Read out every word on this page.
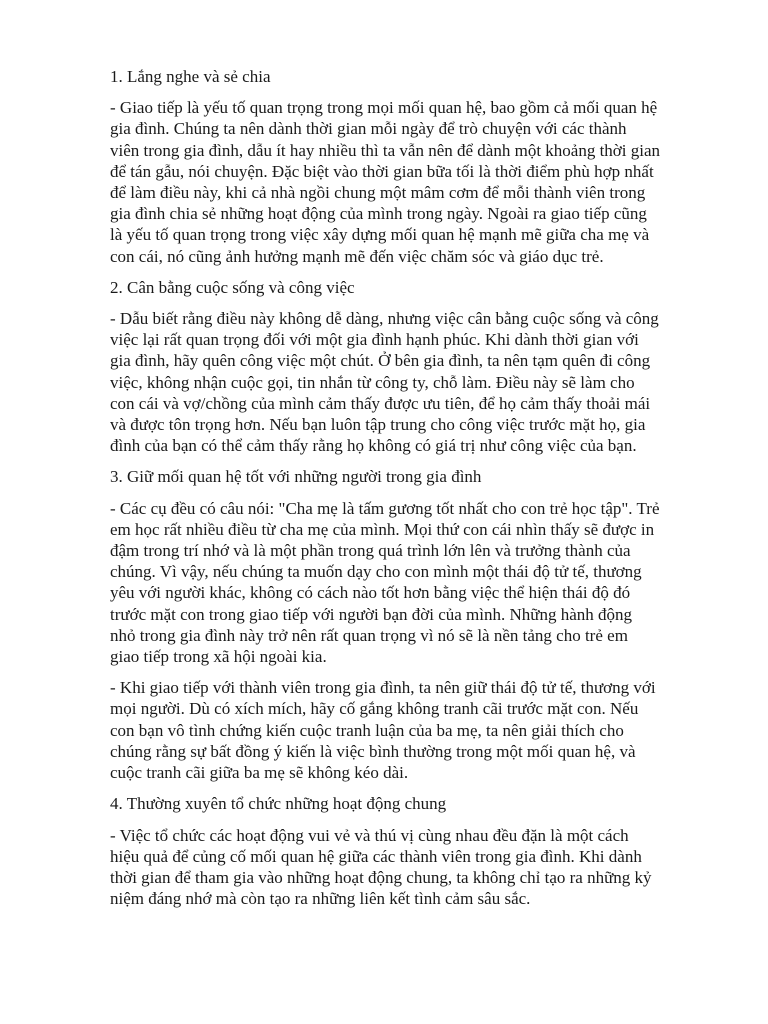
1. Lắng nghe và sẻ chia

- Giao tiếp là yếu tố quan trọng trong mọi mối quan hệ, bao gồm cả mối quan hệ
gia đình. Chúng ta nên dành thời gian mỗi ngày để trò chuyện với các thành
viên trong gia đình, dẫu ít hay nhiều thì ta vẫn nên để dành một khoảng thời gian
để tán gẫu, nói chuyện. Đặc biệt vào thời gian bữa tối là thời điểm phù hợp nhất
để làm điều này, khi cả nhà ngồi chung một mâm cơm để mỗi thành viên trong
gia đình chia sẻ những hoạt động của mình trong ngày. Ngoài ra giao tiếp cũng
là yếu tố quan trọng trong việc xây dựng mối quan hệ mạnh mẽ giữa cha mẹ và
con cái, nó cũng ảnh hưởng mạnh mẽ đến việc chăm sóc và giáo dục trẻ.

2. Cân bằng cuộc sống và công việc

- Dẫu biết rằng điều này không dễ dàng, nhưng việc cân bằng cuộc sống và công
việc lại rất quan trọng đối với một gia đình hạnh phúc. Khi dành thời gian với
gia đình, hãy quên công việc một chút. Ở bên gia đình, ta nên tạm quên đi công
việc, không nhận cuộc gọi, tin nhắn từ công ty, chỗ làm. Điều này sẽ làm cho
con cái và vợ/chồng của mình cảm thấy được ưu tiên, để họ cảm thấy thoải mái
và được tôn trọng hơn. Nếu bạn luôn tập trung cho công việc trước mặt họ, gia
đình của bạn có thể cảm thấy rằng họ không có giá trị như công việc của bạn.

3. Giữ mối quan hệ tốt với những người trong gia đình

- Các cụ đều có câu nói: "Cha mẹ là tấm gương tốt nhất cho con trẻ học tập". Trẻ
em học rất nhiều điều từ cha mẹ của mình. Mọi thứ con cái nhìn thấy sẽ được in
đậm trong trí nhớ và là một phần trong quá trình lớn lên và trưởng thành của
chúng. Vì vậy, nếu chúng ta muốn dạy cho con mình một thái độ tử tế, thương
yêu với người khác, không có cách nào tốt hơn bằng việc thể hiện thái độ đó
trước mặt con trong giao tiếp với người bạn đời của mình. Những hành động
nhỏ trong gia đình này trở nên rất quan trọng vì nó sẽ là nền tảng cho trẻ em
giao tiếp trong xã hội ngoài kia.

- Khi giao tiếp với thành viên trong gia đình, ta nên giữ thái độ tử tế, thương với
mọi người. Dù có xích mích, hãy cố gắng không tranh cãi trước mặt con. Nếu
con bạn vô tình chứng kiến cuộc tranh luận của ba mẹ, ta nên giải thích cho
chúng rằng sự bất đồng ý kiến là việc bình thường trong một mối quan hệ, và
cuộc tranh cãi giữa ba mẹ sẽ không kéo dài.

4. Thường xuyên tổ chức những hoạt động chung

- Việc tổ chức các hoạt động vui vẻ và thú vị cùng nhau đều đặn là một cách
hiệu quả để củng cố mối quan hệ giữa các thành viên trong gia đình. Khi dành
thời gian để tham gia vào những hoạt động chung, ta không chỉ tạo ra những kỷ
niệm đáng nhớ mà còn tạo ra những liên kết tình cảm sâu sắc.
